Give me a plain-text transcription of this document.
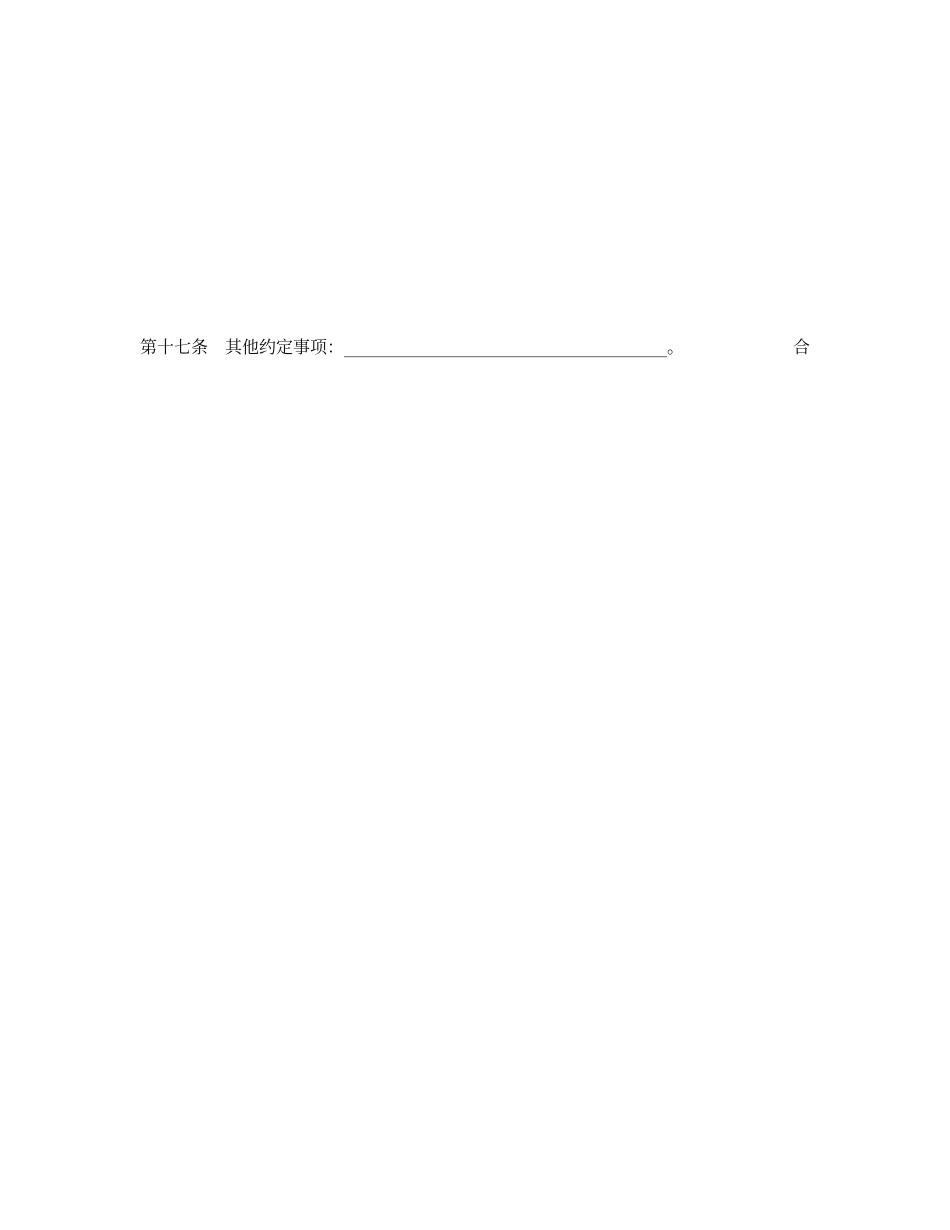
第十七条　其他约定事项：______________________________________。	合
